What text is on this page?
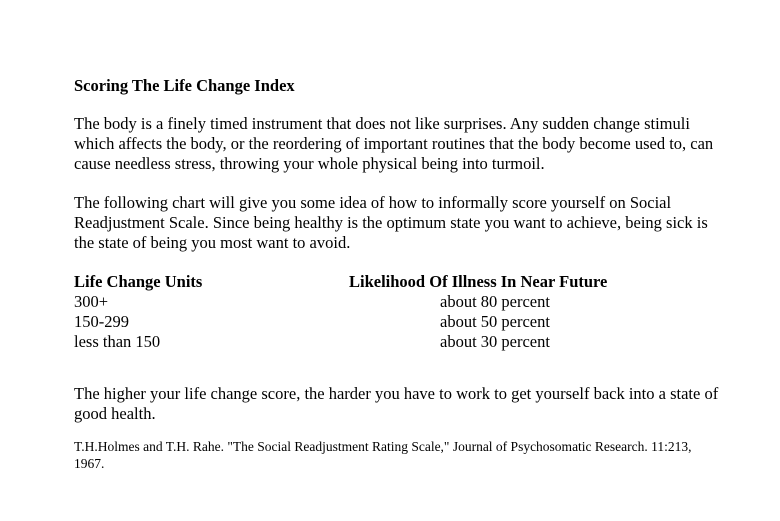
Scoring The Life Change Index

The body is a finely timed instrument that does not like surprises. Any sudden change stimuli which affects the body, or the reordering of important routines that the body become used to, can cause needless stress, throwing your whole physical being into turmoil.

The following chart will give you some idea of how to informally score yourself on Social Readjustment Scale. Since being healthy is the optimum state you want to achieve, being sick is the state of being you most want to avoid.

Life Change Units	Likelihood Of Illness In Near Future
300+	about 80 percent
150-299	about 50 percent
less than 150	about 30 percent

The higher your life change score, the harder you have to work to get yourself back into a state of good health.

T.H.Holmes and T.H. Rahe. "The Social Readjustment Rating Scale," Journal of Psychosomatic Research. 11:213, 1967.
